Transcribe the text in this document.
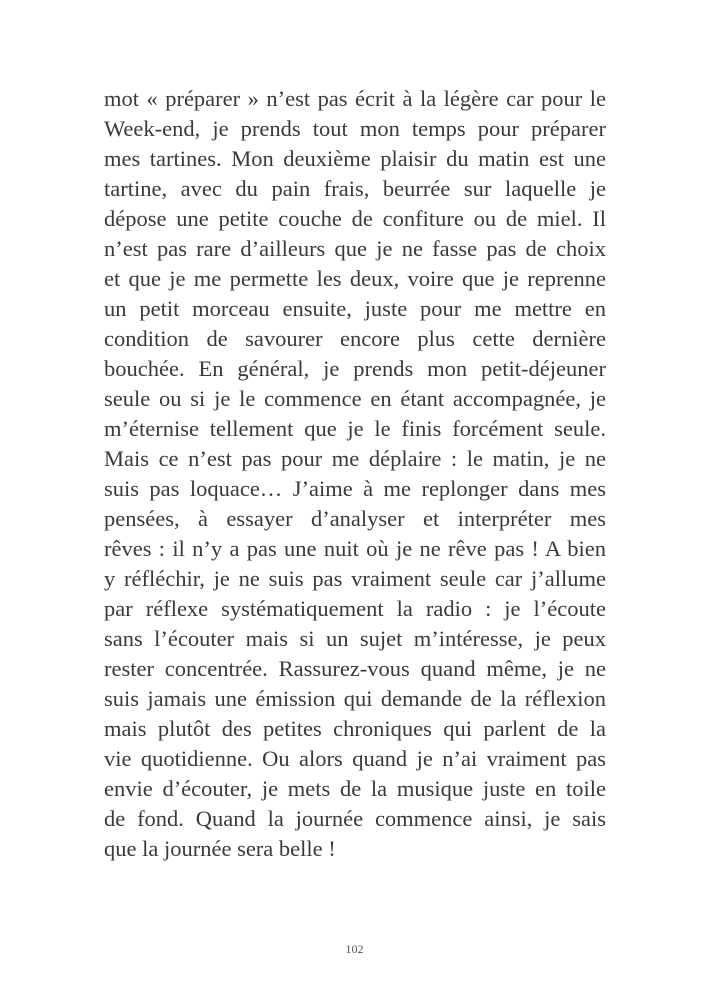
mot « préparer » n’est pas écrit à la légère car pour le
Week-end, je prends tout mon temps pour préparer
mes tartines. Mon deuxième plaisir du matin est une
tartine, avec du pain frais, beurrée sur laquelle je
dépose une petite couche de confiture ou de miel. Il
n’est pas rare d’ailleurs que je ne fasse pas de choix
et que je me permette les deux, voire que je reprenne
un petit morceau ensuite, juste pour me mettre en
condition de savourer encore plus cette dernière
bouchée. En général, je prends mon petit-déjeuner
seule ou si je le commence en étant accompagnée, je
m’éternise tellement que je le finis forcément seule.
Mais ce n’est pas pour me déplaire : le matin, je ne
suis pas loquace… J’aime à me replonger dans mes
pensées, à essayer d’analyser et interpréter mes
rêves : il n’y a pas une nuit où je ne rêve pas ! A bien
y réfléchir, je ne suis pas vraiment seule car j’allume
par réflexe systématiquement la radio : je l’écoute
sans l’écouter mais si un sujet m’intéresse, je peux
rester concentrée. Rassurez-vous quand même, je ne
suis jamais une émission qui demande de la réflexion
mais plutôt des petites chroniques qui parlent de la
vie quotidienne. Ou alors quand je n’ai vraiment pas
envie d’écouter, je mets de la musique juste en toile
de fond. Quand la journée commence ainsi, je sais
que la journée sera belle !
102
